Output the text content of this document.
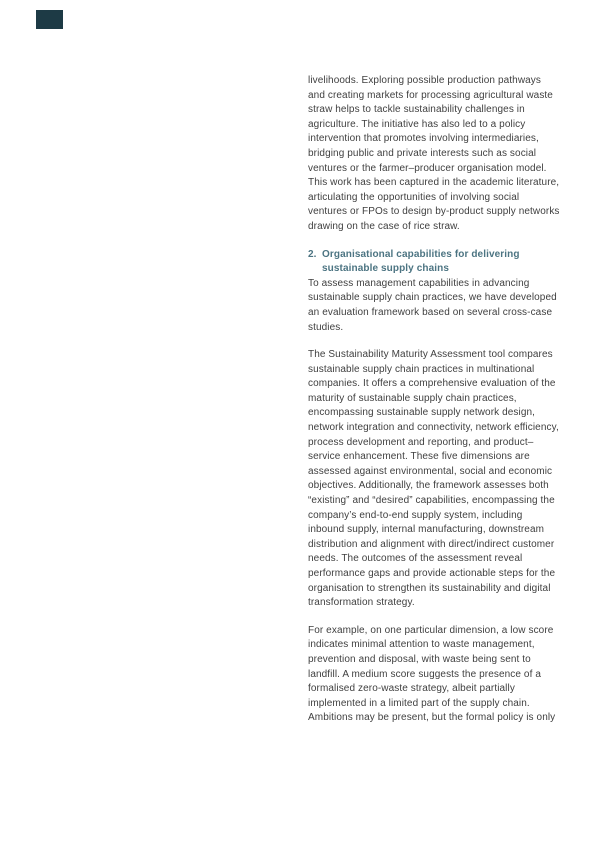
livelihoods. Exploring possible production pathways and creating markets for processing agricultural waste straw helps to tackle sustainability challenges in agriculture. The initiative has also led to a policy intervention that promotes involving intermediaries, bridging public and private interests such as social ventures or the farmer–producer organisation model. This work has been captured in the academic literature, articulating the opportunities of involving social ventures or FPOs to design by-product supply networks drawing on the case of rice straw.

2. Organisational capabilities for delivering sustainable supply chains

To assess management capabilities in advancing sustainable supply chain practices, we have developed an evaluation framework based on several cross-case studies.

The Sustainability Maturity Assessment tool compares sustainable supply chain practices in multinational companies. It offers a comprehensive evaluation of the maturity of sustainable supply chain practices, encompassing sustainable supply network design, network integration and connectivity, network efficiency, process development and reporting, and product–service enhancement. These five dimensions are assessed against environmental, social and economic objectives. Additionally, the framework assesses both “existing” and “desired” capabilities, encompassing the company’s end-to-end supply system, including inbound supply, internal manufacturing, downstream distribution and alignment with direct/indirect customer needs. The outcomes of the assessment reveal performance gaps and provide actionable steps for the organisation to strengthen its sustainability and digital transformation strategy.

For example, on one particular dimension, a low score indicates minimal attention to waste management, prevention and disposal, with waste being sent to landfill. A medium score suggests the presence of a formalised zero-waste strategy, albeit partially implemented in a limited part of the supply chain. Ambitions may be present, but the formal policy is only
